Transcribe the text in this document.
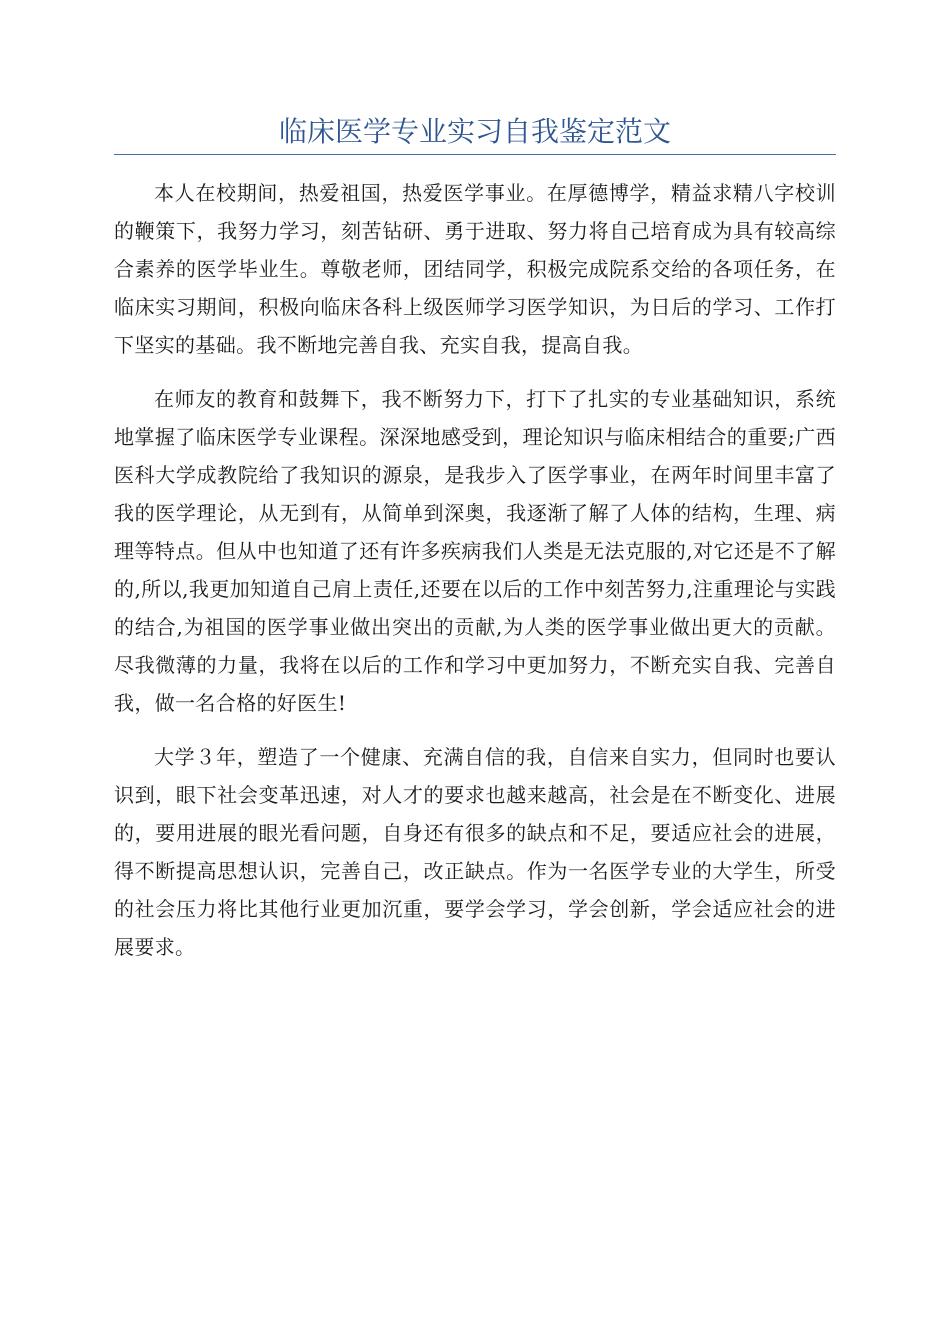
临床医学专业实习自我鉴定范文

本人在校期间，热爱祖国，热爱医学事业。在厚德博学，精益求精八字校训的鞭策下，我努力学习，刻苦钻研、勇于进取、努力将自己培育成为具有较高综合素养的医学毕业生。尊敬老师，团结同学，积极完成院系交给的各项任务，在临床实习期间，积极向临床各科上级医师学习医学知识，为日后的学习、工作打下坚实的基础。我不断地完善自我、充实自我，提高自我。

在师友的教育和鼓舞下，我不断努力下，打下了扎实的专业基础知识，系统地掌握了临床医学专业课程。深深地感受到，理论知识与临床相结合的重要;广西医科大学成教院给了我知识的源泉，是我步入了医学事业，在两年时间里丰富了我的医学理论，从无到有，从简单到深奥，我逐渐了解了人体的结构，生理、病理等特点。但从中也知道了还有许多疾病我们人类是无法克服的,对它还是不了解的,所以,我更加知道自己肩上责任,还要在以后的工作中刻苦努力,注重理论与实践的结合,为祖国的医学事业做出突出的贡献,为人类的医学事业做出更大的贡献。尽我微薄的力量，我将在以后的工作和学习中更加努力，不断充实自我、完善自我，做一名合格的好医生!

大学３年，塑造了一个健康、充满自信的我，自信来自实力，但同时也要认识到，眼下社会变革迅速，对人才的要求也越来越高，社会是在不断变化、进展的，要用进展的眼光看问题，自身还有很多的缺点和不足，要适应社会的进展，得不断提高思想认识，完善自己，改正缺点。作为一名医学专业的大学生，所受的社会压力将比其他行业更加沉重，要学会学习，学会创新，学会适应社会的进展要求。
